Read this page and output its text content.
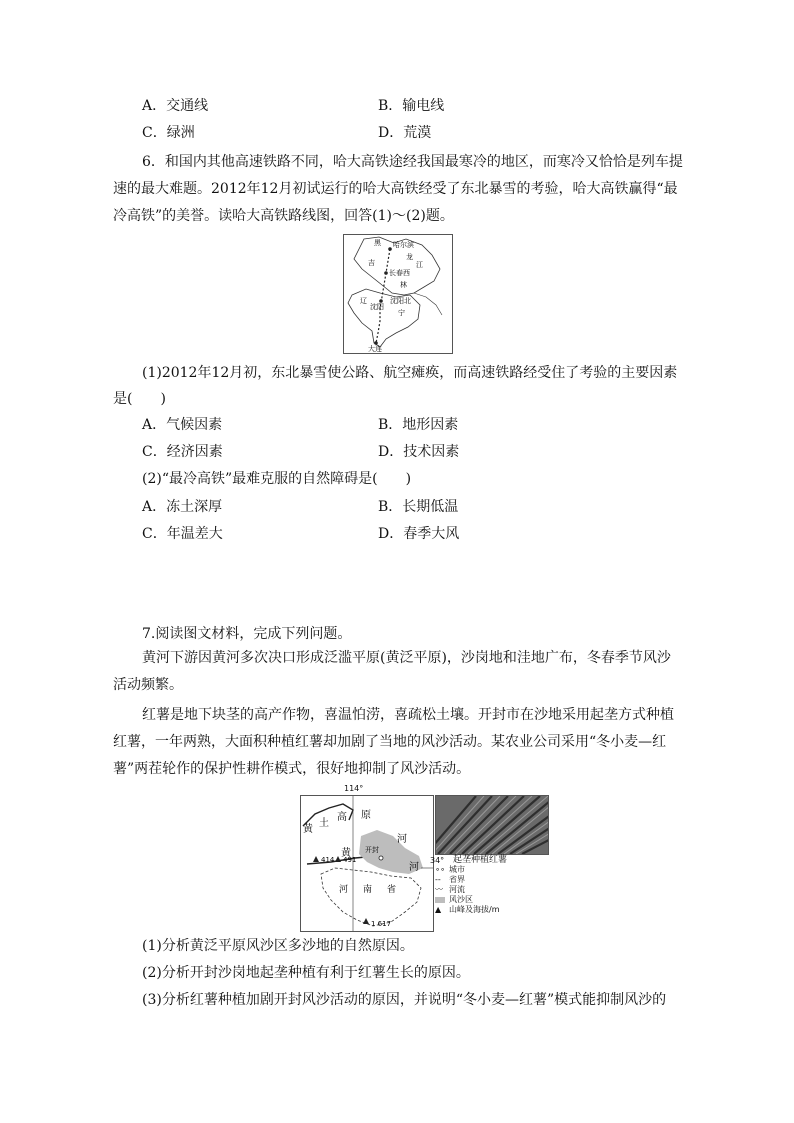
A．交通线	B．输电线
C．绿洲	D．荒漠
6．和国内其他高速铁路不同，哈大高铁途经我国最寒冷的地区，而寒冷又恰恰是列车提
速的最大难题。2012年12月初试运行的哈大高铁经受了东北暴雪的考验，哈大高铁赢得“最
冷高铁”的美誉。读哈大高铁路线图，回答(1)～(2)题。
黑 哈尔滨
龙
吉	江
长春西
林
辽
沈阳
沈阳北
宁
大连
(1)2012年12月初，东北暴雪使公路、航空瘫痪，而高速铁路经受住了考验的主要因素
是(　　)
A．气候因素	B．地形因素
C．经济因素	D．技术因素
(2)“最冷高铁”最难克服的自然障碍是(　　)
A．冻土深厚	B．长期低温
C．年温差大	D．春季大风
7.阅读图文材料，完成下列问题。

黄河下游因黄河多次决口形成泛滥平原(黄泛平原)，沙岗地和洼地广布，冬春季节风沙活动频繁。

红薯是地下块茎的高产作物，喜温怕涝，喜疏松土壤。开封市在沙地采用起垄方式种植红薯，一年两熟，大面积种植红薯却加剧了当地的风沙活动。某农业公司采用“冬小麦—红薯”两茬轮作的保护性耕作模式，很好地抑制了风沙活动。

黄
土
高 原
河
黄
河
开封
414 491
河 南 省
1 617
114°
34° 起垄种植红薯
∘∘ 城市
-- 省界
〰 河流
风沙区
▲ 山峰及海拔/m
(1)分析黄泛平原风沙区多沙地的自然原因。
(2)分析开封沙岗地起垄种植有利于红薯生长的原因。
(3)分析红薯种植加剧开封风沙活动的原因，并说明“冬小麦—红薯”模式能抑制风沙的
